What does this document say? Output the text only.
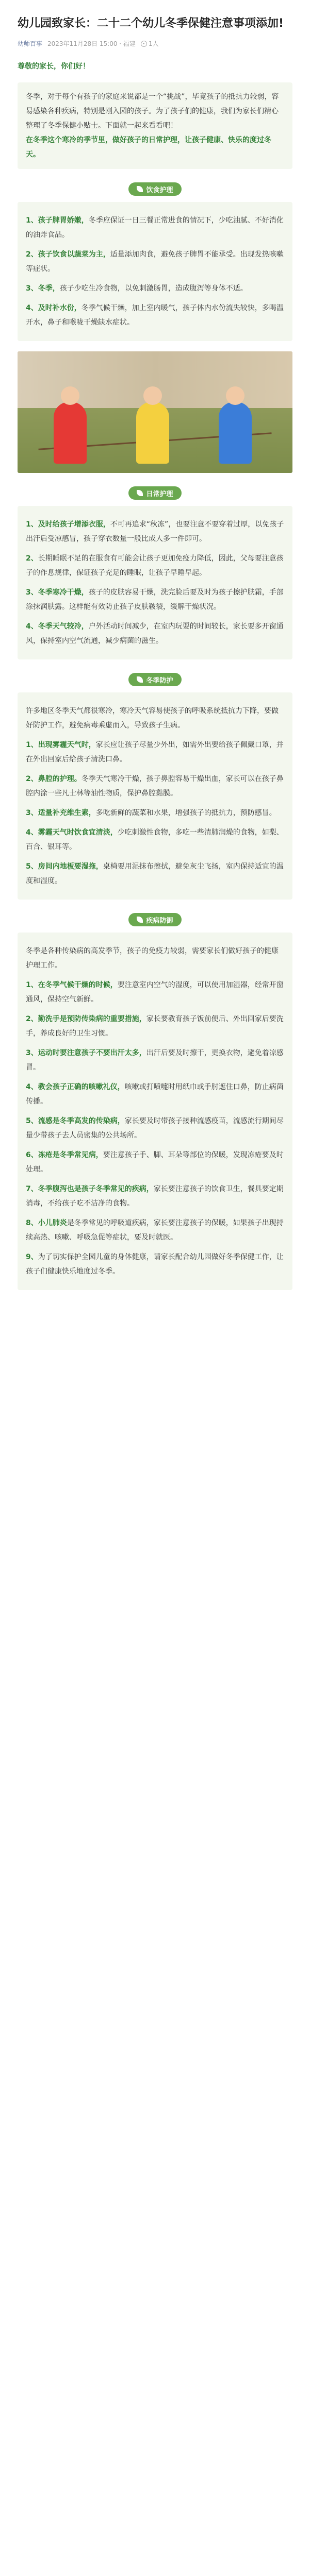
幼儿园致家长：二十二个幼儿冬季保健注意事项添加!
幼师百事 2023年11月28日 15:00 · 福建	1人

尊敬的家长，你们好！

冬季，对于每个有孩子的家庭来说都是一个“挑战”，毕竟孩子的抵抗力较弱，容易感染各种疾病，特别是刚入园的孩子。为了孩子们的健康，我们为家长们精心整理了冬季保健小贴士。下面就一起来看看吧！

在冬季这个寒冷的季节里，做好孩子的日常护理，让孩子健康、快乐的度过冬天。

饮食护理

1、孩子脾胃娇嫩，冬季应保证一日三餐正常进食的情况下，少吃油腻、不好消化的油炸食品。

2、孩子饮食以蔬菜为主，适量添加肉食，避免孩子脾胃不能承受。出现发热咳嗽等症状。

3、冬季，孩子少吃生冷食物，以免刺激肠胃，造成腹泻等身体不适。

4、及时补水份，冬季气候干燥，加上室内暖气，孩子体内水份流失较快，多喝温开水，鼻子和喉咙干燥缺水症状。

日常护理

1、及时给孩子增添衣服，不可再追求“秋冻”，也要注意不要穿着过厚，以免孩子出汗后受凉感冒，孩子穿衣数量一般比成人多一件即可。

2、长期睡眠不足的在服食有可能会让孩子更加免疫力降低，因此，父母要注意孩子的作息规律，保证孩子充足的睡眠，让孩子早睡早起。

3、冬季寒冷干燥，孩子的皮肤容易干燥，洗完脸后要及时为孩子擦护肤霜，手部涂抹润肤露。这样能有效防止孩子皮肤皲裂，缓解干燥状况。

4、冬季天气较冷，户外活动时间减少，在室内玩耍的时间较长，家长要多开窗通风，保持室内空气流通，减少病菌的滋生。

冬季防护

许多地区冬季天气都很寒冷，寒冷天气容易使孩子的呼吸系统抵抗力下降，要做好防护工作，避免病毒乘虚而入，导致孩子生病。

1、出现雾霾天气时，家长应让孩子尽量少外出，如需外出要给孩子佩戴口罩，并在外出回家后给孩子清洗口鼻。

2、鼻腔的护理。冬季天气寒冷干燥，孩子鼻腔容易干燥出血，家长可以在孩子鼻腔内涂一些凡士林等油性物质，保护鼻腔黏膜。

3、适量补充维生素，多吃新鲜的蔬菜和水果，增强孩子的抵抗力，预防感冒。

4、雾霾天气时饮食宜清淡，少吃刺激性食物，多吃一些清肺润燥的食物，如梨、百合、银耳等。

5、房间内地板要湿拖，桌椅要用湿抹布擦拭，避免灰尘飞扬，室内保持适宜的温度和湿度。

疾病防御

冬季是各种传染病的高发季节，孩子的免疫力较弱，需要家长们做好孩子的健康护理工作。

1、在冬季气候干燥的时候，要注意室内空气的湿度，可以使用加湿器，经常开窗通风，保持空气新鲜。

2、勤洗手是预防传染病的重要措施，家长要教育孩子饭前便后、外出回家后要洗手，养成良好的卫生习惯。

3、运动时要注意孩子不要出汗太多，出汗后要及时擦干，更换衣物，避免着凉感冒。

4、教会孩子正确的咳嗽礼仪，咳嗽或打喷嚏时用纸巾或手肘遮住口鼻，防止病菌传播。

5、流感是冬季高发的传染病，家长要及时带孩子接种流感疫苗，流感流行期间尽量少带孩子去人员密集的公共场所。

6、冻疮是冬季常见病，要注意孩子手、脚、耳朵等部位的保暖，发现冻疮要及时处理。

7、冬季腹泻也是孩子冬季常见的疾病，家长要注意孩子的饮食卫生，餐具要定期消毒，不给孩子吃不洁净的食物。

8、小儿肺炎是冬季常见的呼吸道疾病，家长要注意孩子的保暖，如果孩子出现持续高热、咳嗽、呼吸急促等症状，要及时就医。

9、为了切实保护全园儿童的身体健康，请家长配合幼儿园做好冬季保健工作，让孩子们健康快乐地度过冬季。
